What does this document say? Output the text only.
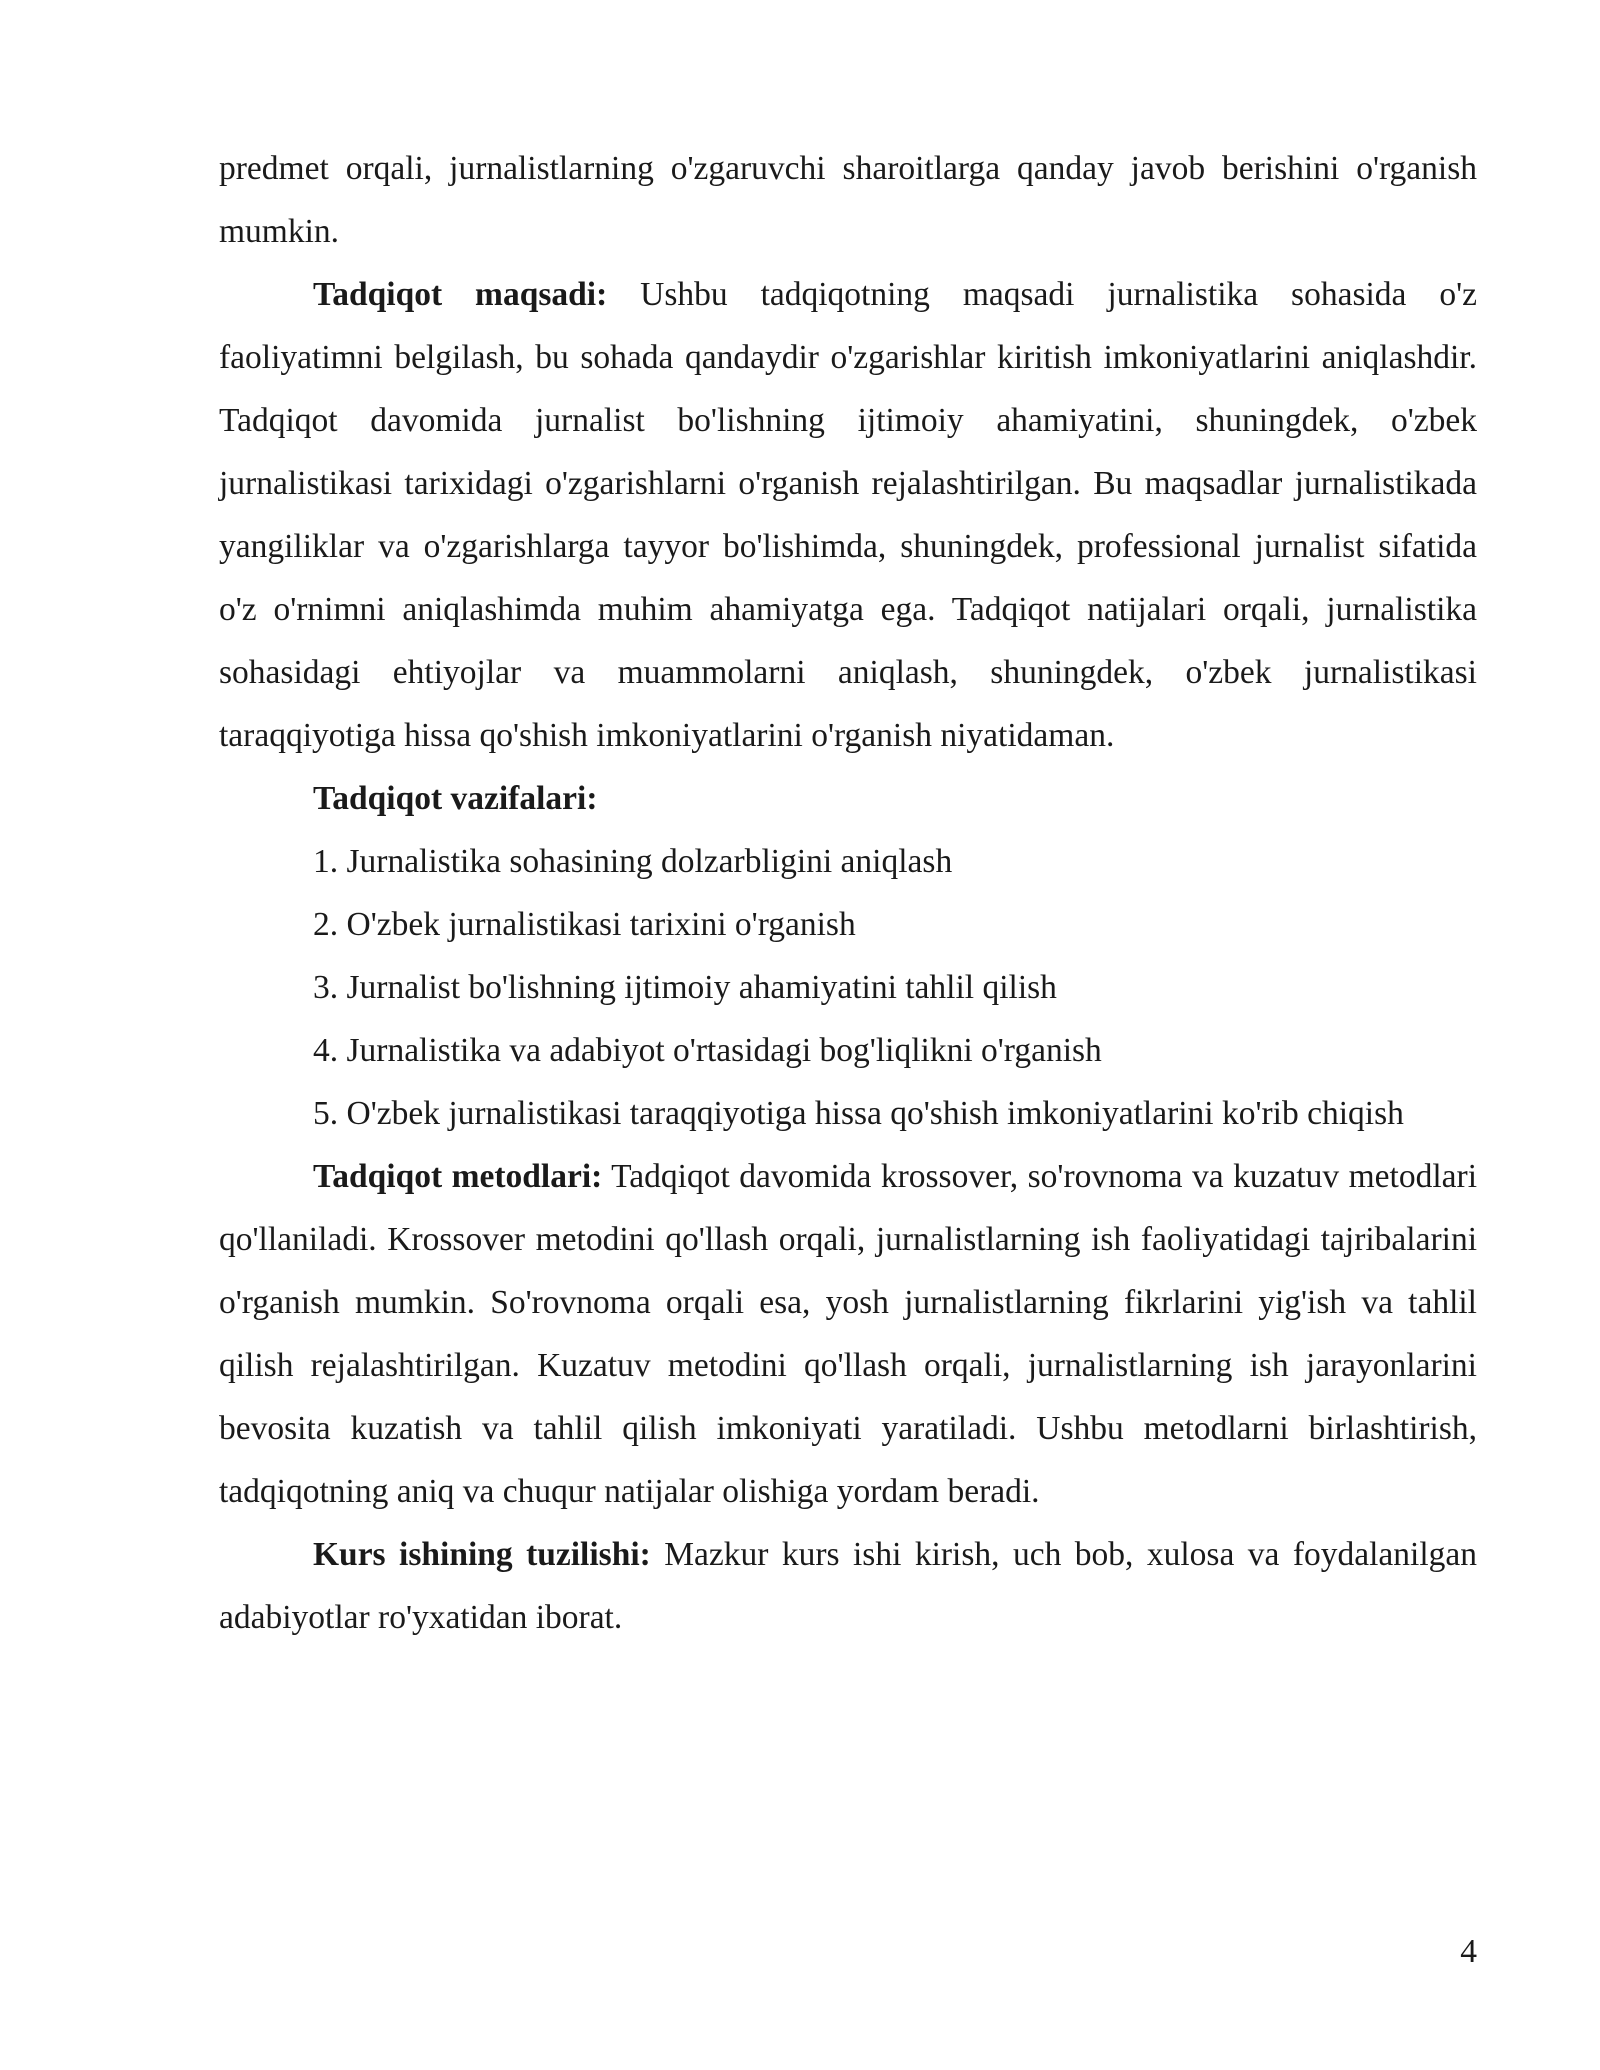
predmet orqali, jurnalistlarning o'zgaruvchi sharoitlarga qanday javob berishini o'rganish mumkin.

Tadqiqot maqsadi: Ushbu tadqiqotning maqsadi jurnalistika sohasida o'z faoliyatimni belgilash, bu sohada qandaydir o'zgarishlar kiritish imkoniyatlarini aniqlashdir. Tadqiqot davomida jurnalist bo'lishning ijtimoiy ahamiyatini, shuningdek, o'zbek jurnalistikasi tarixidagi o'zgarishlarni o'rganish rejalashtirilgan. Bu maqsadlar jurnalistikada yangiliklar va o'zgarishlarga tayyor bo'lishimda, shuningdek, professional jurnalist sifatida o'z o'rnimni aniqlashimda muhim ahamiyatga ega. Tadqiqot natijalari orqali, jurnalistika sohasidagi ehtiyojlar va muammolarni aniqlash, shuningdek, o'zbek jurnalistikasi taraqqiyotiga hissa qo'shish imkoniyatlarini o'rganish niyatidaman.

Tadqiqot vazifalari:

1. Jurnalistika sohasining dolzarbligini aniqlash

2. O'zbek jurnalistikasi tarixini o'rganish

3. Jurnalist bo'lishning ijtimoiy ahamiyatini tahlil qilish

4. Jurnalistika va adabiyot o'rtasidagi bog'liqlikni o'rganish

5. O'zbek jurnalistikasi taraqqiyotiga hissa qo'shish imkoniyatlarini ko'rib chiqish

Tadqiqot metodlari: Tadqiqot davomida krossover, so'rovnoma va kuzatuv metodlari qo'llaniladi. Krossover metodini qo'llash orqali, jurnalistlarning ish faoliyatidagi tajribalarini o'rganish mumkin. So'rovnoma orqali esa, yosh jurnalistlarning fikrlarini yig'ish va tahlil qilish rejalashtirilgan. Kuzatuv metodini qo'llash orqali, jurnalistlarning ish jarayonlarini bevosita kuzatish va tahlil qilish imkoniyati yaratiladi. Ushbu metodlarni birlashtirish, tadqiqotning aniq va chuqur natijalar olishiga yordam beradi.

Kurs ishining tuzilishi: Mazkur kurs ishi kirish, uch bob, xulosa va foydalanilgan adabiyotlar ro'yxatidan iborat.

4
